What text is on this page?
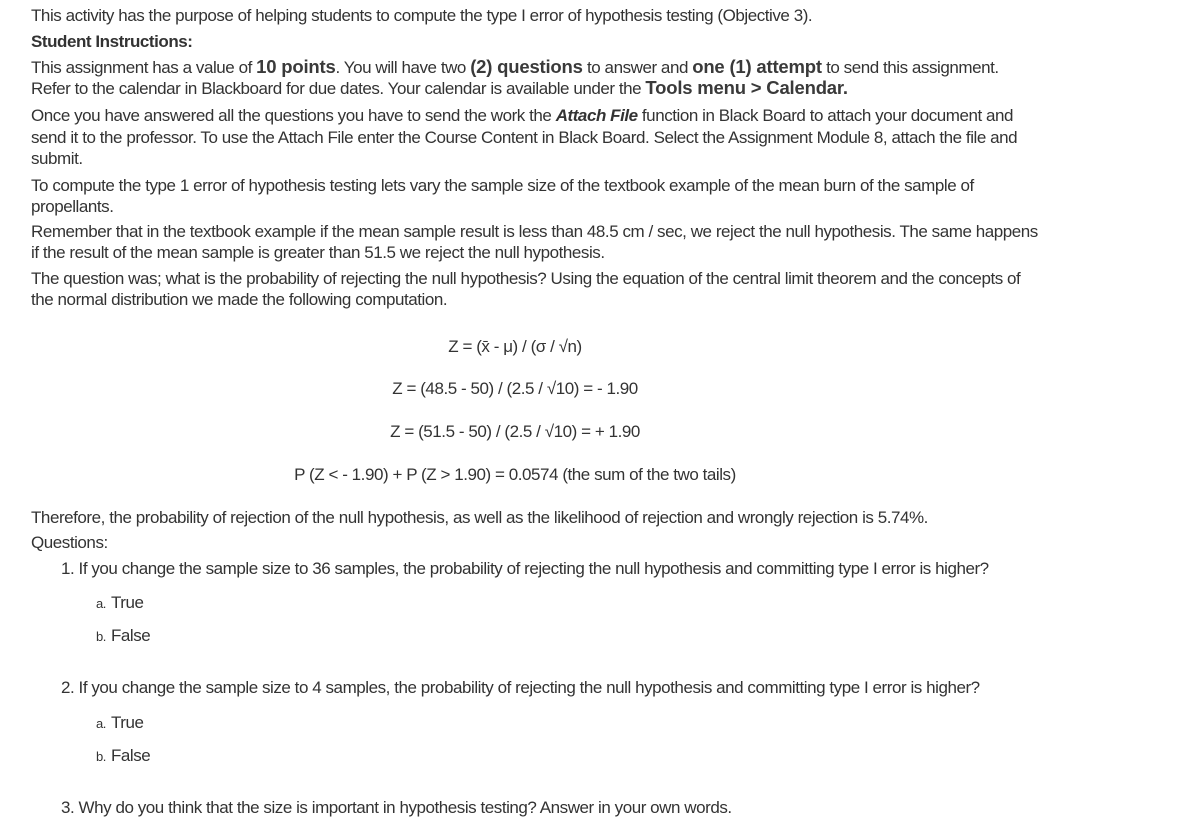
This activity has the purpose of helping students to compute the type I error of hypothesis testing (Objective 3).
Student Instructions:
This assignment has a value of 10 points. You will have two (2) questions to answer and one (1) attempt to send this assignment.
Refer to the calendar in Blackboard for due dates. Your calendar is available under the Tools menu > Calendar.
Once you have answered all the questions you have to send the work the Attach File function in Black Board to attach your document and
send it to the professor. To use the Attach File enter the Course Content in Black Board. Select the Assignment Module 8, attach the file and
submit.
To compute the type 1 error of hypothesis testing lets vary the sample size of the textbook example of the mean burn of the sample of
propellants.
Remember that in the textbook example if the mean sample result is less than 48.5 cm / sec, we reject the null hypothesis. The same happens
if the result of the mean sample is greater than 51.5 we reject the null hypothesis.
The question was; what is the probability of rejecting the null hypothesis? Using the equation of the central limit theorem and the concepts of
the normal distribution we made the following computation.
Z = (x̄ - μ) / (σ / √n)
Z = (48.5 - 50) / (2.5 / √10) = - 1.90
Z = (51.5 - 50) / (2.5 / √10) = + 1.90
P (Z < - 1.90) + P (Z > 1.90) = 0.0574 (the sum of the two tails)
Therefore, the probability of rejection of the null hypothesis, as well as the likelihood of rejection and wrongly rejection is 5.74%.
Questions:
1. If you change the sample size to 36 samples, the probability of rejecting the null hypothesis and committing type I error is higher?
a. True
b. False
2. If you change the sample size to 4 samples, the probability of rejecting the null hypothesis and committing type I error is higher?
a. True
b. False
3. Why do you think that the size is important in hypothesis testing? Answer in your own words.
